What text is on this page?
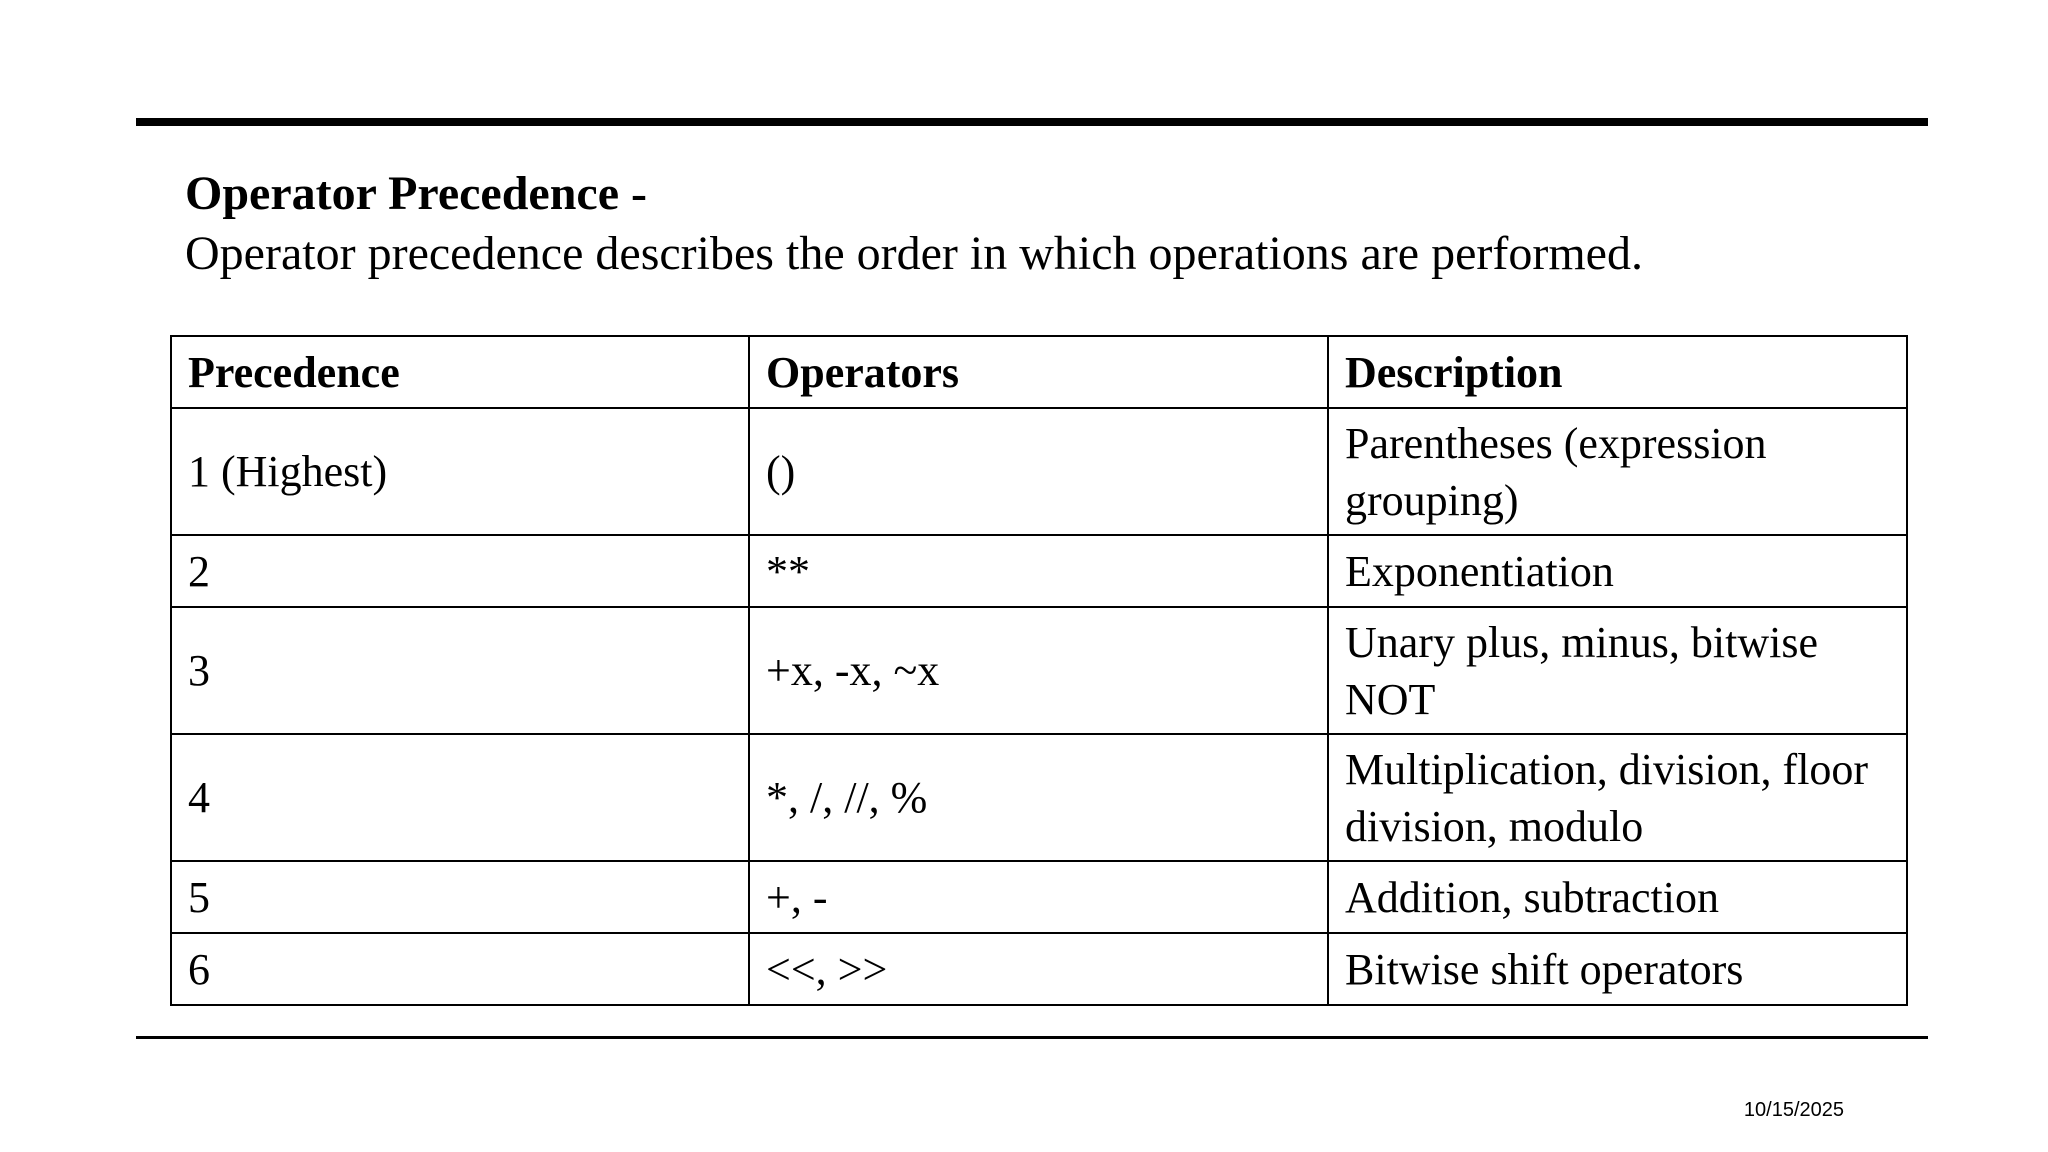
Operator Precedence -
Operator precedence describes the order in which operations are performed.
Precedence	Operators	Description
1 (Highest)	()	Parentheses (expression grouping)
2	**	Exponentiation
3	+x, -x, ~x	Unary plus, minus, bitwise NOT
4	*, /, //, %	Multiplication, division, floor division, modulo
5	+, -	Addition, subtraction
6	<<, >>	Bitwise shift operators
10/15/2025
